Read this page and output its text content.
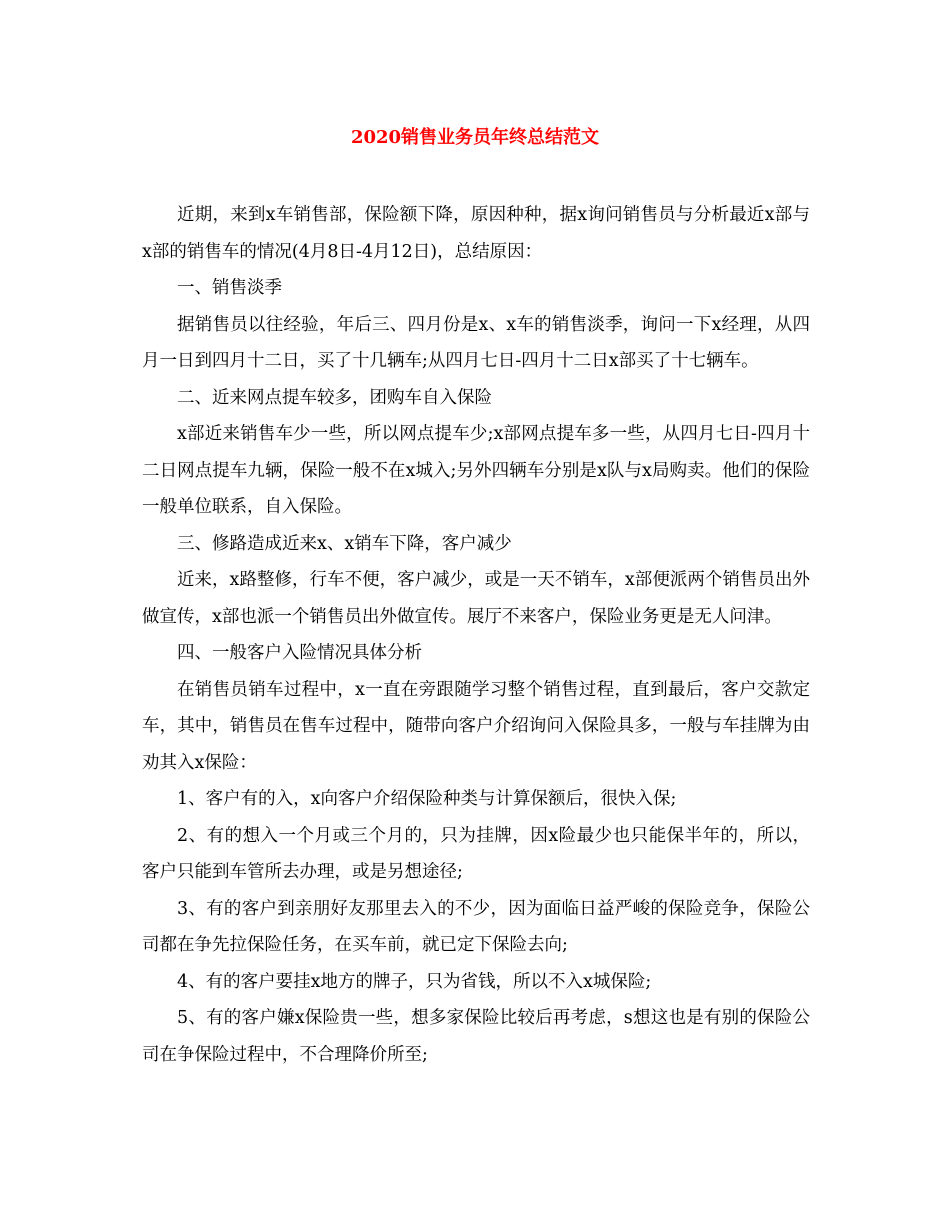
2020销售业务员年终总结范文

近期，来到x车销售部，保险额下降，原因种种，据x询问销售员与分析最近x部与x部的销售车的情况(4月8日-4月12日)，总结原因：

一、销售淡季

据销售员以往经验，年后三、四月份是x、x车的销售淡季，询问一下x经理，从四月一日到四月十二日，买了十几辆车;从四月七日-四月十二日x部买了十七辆车。

二、近来网点提车较多，团购车自入保险

x部近来销售车少一些，所以网点提车少;x部网点提车多一些，从四月七日-四月十二日网点提车九辆，保险一般不在x城入;另外四辆车分别是x队与x局购卖。他们的保险一般单位联系，自入保险。

三、修路造成近来x、x销车下降，客户减少

近来，x路整修，行车不便，客户减少，或是一天不销车，x部便派两个销售员出外做宣传，x部也派一个销售员出外做宣传。展厅不来客户，保险业务更是无人问津。

四、一般客户入险情况具体分析

在销售员销车过程中，x一直在旁跟随学习整个销售过程，直到最后，客户交款定车，其中，销售员在售车过程中，随带向客户介绍询问入保险具多，一般与车挂牌为由劝其入x保险：

1、客户有的入，x向客户介绍保险种类与计算保额后，很快入保;

2、有的想入一个月或三个月的，只为挂牌，因x险最少也只能保半年的，所以，客户只能到车管所去办理，或是另想途径;

3、有的客户到亲朋好友那里去入的不少，因为面临日益严峻的保险竞争，保险公司都在争先拉保险任务，在买车前，就已定下保险去向;

4、有的客户要挂x地方的牌子，只为省钱，所以不入x城保险;

5、有的客户嫌x保险贵一些，想多家保险比较后再考虑，s想这也是有别的保险公司在争保险过程中，不合理降价所至;
